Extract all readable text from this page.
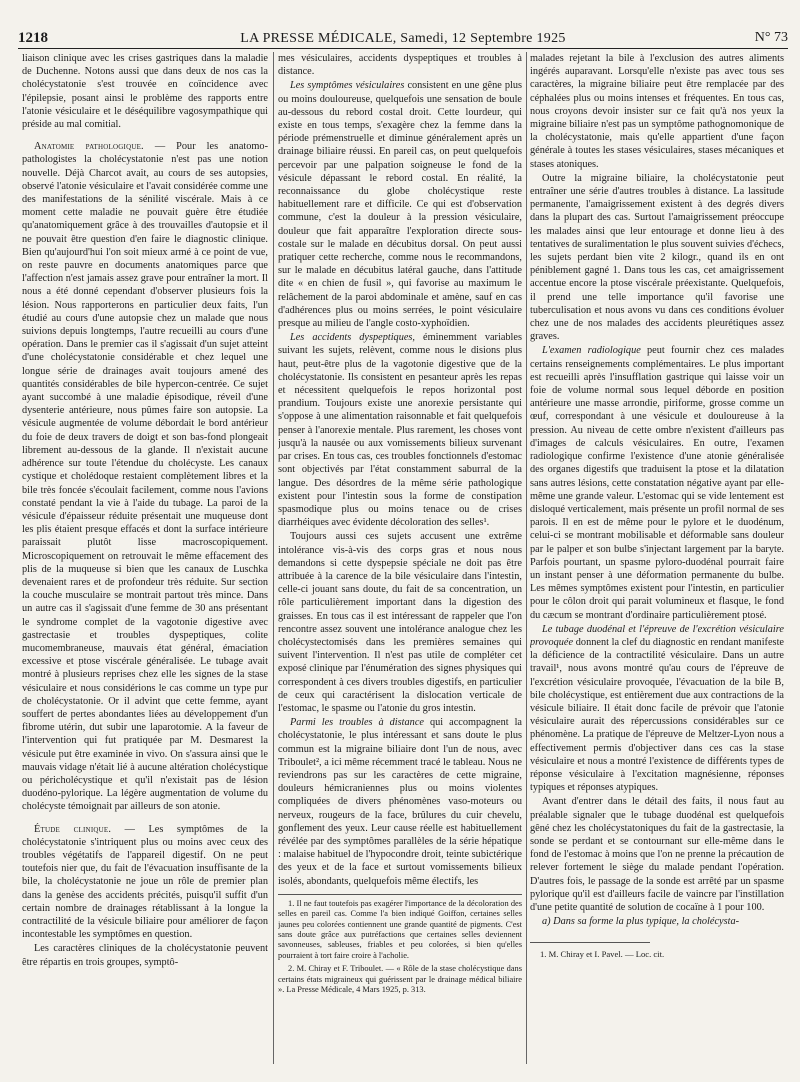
1218	LA PRESSE MÉDICALE, Samedi, 12 Septembre 1925	N° 73

liaison clinique avec les crises gastriques dans la maladie de Duchenne. Notons aussi que dans deux de nos cas la cholécystatonie s'est trouvée en coïncidence avec l'épilepsie, posant ainsi le problème des rapports entre l'atonie vésiculaire et le déséquilibre vagosympathique qui préside au mal comitial.

Anatomie pathologique. — Pour les anatomo-pathologistes la cholécystatonie n'est pas une notion nouvelle. Déjà Charcot avait, au cours de ses autopsies, observé l'atonie vésiculaire et l'avait considérée comme une des manifestations de la sénilité viscérale. Mais à ce moment cette maladie ne pouvait guère être étudiée qu'anatomiquement grâce à des trouvailles d'autopsie et il ne pouvait être question d'en faire le diagnostic clinique. Bien qu'aujourd'hui l'on soit mieux armé à ce point de vue, on reste pauvre en documents anatomiques parce que l'affection n'est jamais assez grave pour entraîner la mort. Il nous a été donné cependant d'observer plusieurs fois la lésion. Nous rapporterons en particulier deux faits, l'un étudié au cours d'une autopsie chez un malade que nous suivions depuis longtemps, l'autre recueilli au cours d'une opération. Dans le premier cas il s'agissait d'un sujet atteint d'une cholécystatonie considérable et chez lequel une longue série de drainages avait toujours amené des quantités considérables de bile hypercon-centrée. Ce sujet ayant succombé à une maladie épisodique, réveil d'une dysenterie antérieure, nous pûmes faire son autopsie. La vésicule augmentée de volume débordait le bord antérieur du foie de deux travers de doigt et son bas-fond plongeait librement au-dessous de la glande. Il n'existait aucune adhérence sur toute l'étendue du cholécyste. Les canaux cystique et cholédoque restaient complètement libres et la bile très foncée s'écoulait facilement, comme nous l'avions constaté pendant la vie à l'aide du tubage. La paroi de la vésicule d'épaisseur réduite présentait une muqueuse dont les plis étaient presque effacés et dont la surface intérieure paraissait plutôt lisse macroscopiquement. Microscopiquement on retrouvait le même effacement des plis de la muqueuse si bien que les canaux de Luschka devenaient rares et de profondeur très réduite. Sur section la couche musculaire se montrait partout très mince. Dans un autre cas il s'agissait d'une femme de 30 ans présentant le syndrome complet de la vagotonie digestive avec gastrectasie et troubles dyspeptiques, colite mucomembraneuse, mauvais état général, émaciation excessive et ptose viscérale généralisée. Le tubage avait montré à plusieurs reprises chez elle les signes de la stase vésiculaire et nous considérions le cas comme un type pur de cholécystatonie. Or il advint que cette femme, ayant souffert de pertes abondantes liées au développement d'un fibrome utérin, dut subir une laparotomie. A la faveur de l'intervention qui fut pratiquée par M. Desmarest la vésicule put être examinée in vivo. On s'assura ainsi que le mauvais vidage n'était lié à aucune altération cholécystique ou péricholécystique et qu'il n'existait pas de lésion duodéno-pylorique. La légère augmentation de volume du cholécyste témoignait par ailleurs de son atonie.

Étude clinique. — Les symptômes de la cholécystatonie s'intriquent plus ou moins avec ceux des troubles végétatifs de l'appareil digestif. On ne peut toutefois nier que, du fait de l'évacuation insuffisante de la bile, la cholécystatonie ne joue un rôle de premier plan dans la genèse des accidents précités, puisqu'il suffit d'un certain nombre de drainages rétablissant à la longue la contractilité de la vésicule biliaire pour améliorer de façon incontestable les symptômes en question.

Les caractères cliniques de la cholécystatonie peuvent être répartis en trois groupes, symptô-

mes vésiculaires, accidents dyspeptiques et troubles à distance.

Les symptômes vésiculaires consistent en une gêne plus ou moins douloureuse, quelquefois une sensation de boule au-dessous du rebord costal droit. Cette lourdeur, qui existe en tous temps, s'exagère chez la femme dans la période prémenstruelle et diminue généralement après un drainage biliaire réussi. En pareil cas, on peut quelquefois percevoir par une palpation soigneuse le fond de la vésicule dépassant le rebord costal. En réalité, la reconnaissance du globe cholécystique reste habituellement rare et difficile. Ce qui est d'observation commune, c'est la douleur à la pression vésiculaire, douleur que fait apparaître l'exploration directe sous-costale sur le malade en décubitus dorsal. On peut aussi pratiquer cette recherche, comme nous le recommandons, sur le malade en décubitus latéral gauche, dans l'attitude dite « en chien de fusil », qui favorise au maximum le relâchement de la paroi abdominale et amène, sauf en cas d'adhérences plus ou moins serrées, le point vésiculaire presque au milieu de l'angle costo-xyphoïdien.

Les accidents dyspeptiques, éminemment variables suivant les sujets, relèvent, comme nous le disions plus haut, peut-être plus de la vagotonie digestive que de la cholécystatonie. Ils consistent en pesanteur après les repas et nécessitent quelquefois le repos horizontal post prandium. Toujours existe une anorexie persistante qui s'oppose à une alimentation raisonnable et fait quelquefois penser à l'anorexie mentale. Plus rarement, les choses vont jusqu'à la nausée ou aux vomissements bilieux survenant par crises. En tous cas, ces troubles fonctionnels d'estomac sont objectivés par l'état constamment saburral de la langue. Des désordres de la même série pathologique existent pour l'intestin sous la forme de constipation spasmodique plus ou moins tenace ou de crises diarrhéiques avec évidente décoloration des selles¹.

Toujours aussi ces sujets accusent une extrême intolérance vis-à-vis des corps gras et nous nous demandons si cette dyspepsie spéciale ne doit pas être attribuée à la carence de la bile vésiculaire dans l'intestin, celle-ci jouant sans doute, du fait de sa concentration, un rôle particulièrement important dans la digestion des graisses. En tous cas il est intéressant de rappeler que l'on rencontre assez souvent une intolérance analogue chez les cholécystectomisés dans les premières semaines qui suivent l'intervention. Il n'est pas utile de compléter cet exposé clinique par l'énumération des signes physiques qui correspondent à ces divers troubles digestifs, en particulier de ceux qui caractérisent la dislocation verticale de l'estomac, le spasme ou l'atonie du gros intestin.

Parmi les troubles à distance qui accompagnent la cholécystatonie, le plus intéressant et sans doute le plus commun est la migraine biliaire dont l'un de nous, avec Triboulet², a ici même récemment tracé le tableau. Nous ne reviendrons pas sur les caractères de cette migraine, douleurs hémicraniennes plus ou moins violentes compliquées de divers phénomènes vaso-moteurs ou nerveux, rougeurs de la face, brûlures du cuir chevelu, gonflement des yeux. Leur cause réelle est habituellement révélée par des symptômes parallèles de la série hépatique : malaise habituel de l'hypocondre droit, teinte subictérique des yeux et de la face et surtout vomissements bilieux isolés, abondants, quelquefois même électifs, les

1. Il ne faut toutefois pas exagérer l'importance de la décoloration des selles en pareil cas. Comme l'a bien indiqué Goiffon, certaines selles jaunes peu colorées contiennent une grande quantité de pigments. C'est sans doute grâce aux putréfactions que certaines selles deviennent savonneuses, sableuses, friables et peu colorées, si bien qu'elles pourraient à tort faire croire à l'acholie.
2. M. Chiray et F. Triboulet. — « Rôle de la stase cholécystique dans certains états migraineux qui guérissent par le drainage médical biliaire ». La Presse Médicale, 4 Mars 1925, p. 313.

malades rejetant la bile à l'exclusion des autres aliments ingérés auparavant. Lorsqu'elle n'existe pas avec tous ses caractères, la migraine biliaire peut être remplacée par des céphalées plus ou moins intenses et fréquentes. En tous cas, nous croyons devoir insister sur ce fait qu'à nos yeux la migraine biliaire n'est pas un symptôme pathognomonique de la cholécystatonie, mais qu'elle appartient d'une façon générale à toutes les stases vésiculaires, stases mécaniques et stases atoniques.

Outre la migraine biliaire, la cholécystatonie peut entraîner une série d'autres troubles à distance. La lassitude permanente, l'amaigrissement existent à des degrés divers dans la plupart des cas. Surtout l'amaigrissement préoccupe les malades ainsi que leur entourage et donne lieu à des tentatives de suralimentation le plus souvent suivies d'échecs, les sujets perdant bien vite 2 kilogr., quand ils en ont péniblement gagné 1. Dans tous les cas, cet amaigrissement accentue encore la ptose viscérale préexistante. Quelquefois, il prend une telle importance qu'il favorise une tuberculisation et nous avons vu dans ces conditions évoluer chez une de nos malades des accidents pleurétiques assez graves.

L'examen radiologique peut fournir chez ces malades certains renseignements complémentaires. Le plus important est recueilli après l'insufflation gastrique qui laisse voir un foie de volume normal sous lequel déborde en position antérieure une masse arrondie, piriforme, grosse comme un œuf, correspondant à une vésicule et douloureuse à la pression. Au niveau de cette ombre n'existent d'ailleurs pas d'images de calculs vésiculaires. En outre, l'examen radiologique confirme l'existence d'une atonie généralisée des organes digestifs que traduisent la ptose et la dilatation sans autres lésions, cette constatation négative ayant par elle-même une grande valeur. L'estomac qui se vide lentement est disloqué verticalement, mais présente un profil normal de ses parois. Il en est de même pour le pylore et le duodénum, celui-ci se montrant mobilisable et déformable sans douleur par le palper et son bulbe s'injectant largement par la baryte. Parfois pourtant, un spasme pyloro-duodénal pourrait faire un instant penser à une déformation permanente du bulbe. Les mêmes symptômes existent pour l'intestin, en particulier pour le côlon droit qui parait volumineux et flasque, le fond du cæcum se montrant d'ordinaire particulièrement ptosé.

Le tubage duodénal et l'épreuve de l'excrétion vésiculaire provoquée donnent la clef du diagnostic en rendant manifeste la déficience de la contractilité vésiculaire. Dans un autre travail¹, nous avons montré qu'au cours de l'épreuve de l'excrétion vésiculaire provoquée, l'évacuation de la bile B, bile cholécystique, est entièrement due aux contractions de la vésicule biliaire. Il était donc facile de prévoir que l'atonie vésiculaire aurait des répercussions considérables sur ce phénomène. La pratique de l'épreuve de Meltzer-Lyon nous a effectivement permis d'objectiver dans ces cas la stase vésiculaire et nous a montré l'existence de différents types de réponse vésiculaire à l'excitation magnésienne, réponses typiques et réponses atypiques.

Avant d'entrer dans le détail des faits, il nous faut au préalable signaler que le tubage duodénal est quelquefois gêné chez les cholécystatoniques du fait de la gastrectasie, la sonde se perdant et se contournant sur elle-même dans le fond de l'estomac à moins que l'on ne prenne la précaution de relever fortement le siège du malade pendant l'opération. D'autres fois, le passage de la sonde est arrêté par un spasme pylorique qu'il est d'ailleurs facile de vaincre par l'instillation d'une petite quantité de solution de cocaïne à 1 pour 100.

a) Dans sa forme la plus typique, la cholécysta-

1. M. Chiray et I. Pavel. — Loc. cit.
